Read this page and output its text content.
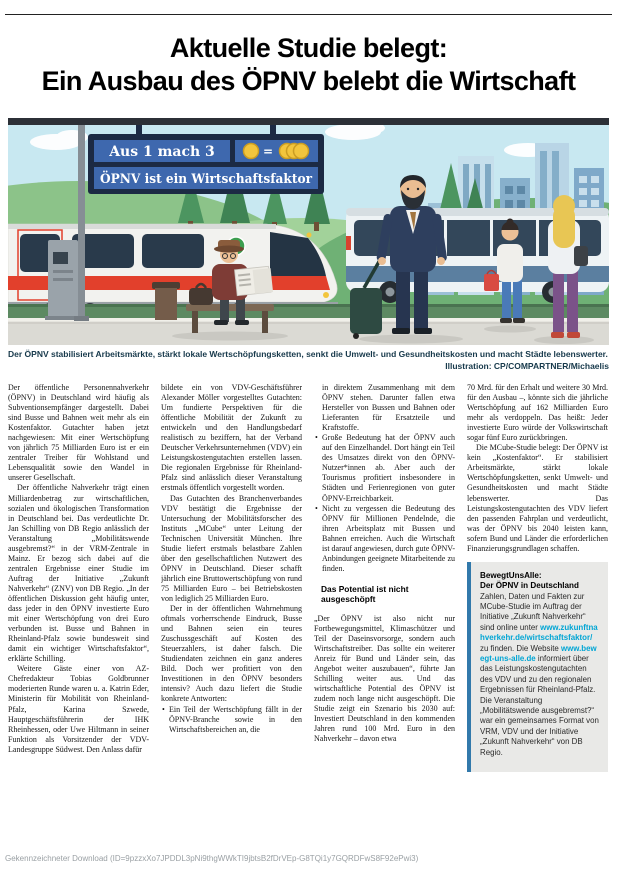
Aktuelle Studie belegt:
Ein Ausbau des ÖPNV belebt die Wirtschaft
Aus 1 mach 3	=
ÖPNV ist ein Wirtschaftsfaktor
Der ÖPNV stabilisiert Arbeitsmärkte, stärkt lokale Wertschöpfungsketten, senkt die Umwelt- und Gesundheitskosten und macht Städte lebenswerter.
Illustration: CP/COMPARTNER/Michaelis

Der öffentliche Personennahverkehr (ÖPNV) in Deutschland wird häufig als Subventionsempfänger dargestellt. Dabei sind Busse und Bahnen weit mehr als ein Kostenfaktor. Gutachter haben jetzt nachgewiesen: Mit einer Wertschöpfung von jährlich 75 Milliarden Euro ist er ein zentraler Treiber für Wohlstand und Lebensqualität sowie den Wandel in unserer Gesellschaft.

Der öffentliche Nahverkehr trägt einen Milliardenbetrag zur wirtschaftlichen, sozialen und ökologischen Transformation in Deutschland bei. Das verdeutlichte Dr. Jan Schilling von DB Regio anlässlich der Veranstaltung „Mobilitätswende ausgebremst?“ in der VRM-Zentrale in Mainz. Er bezog sich dabei auf die zentralen Ergebnisse einer Studie im Auftrag der Initiative „Zukunft Nahverkehr“ (ZNV) von DB Regio. „In der öffentlichen Diskussion geht häufig unter, dass jeder in den ÖPNV investierte Euro mit einer Wertschöpfung von drei Euro verbunden ist. Busse und Bahnen in Rheinland-Pfalz sowie bundesweit sind damit ein wichtiger Wirtschaftsfaktor“, erklärte Schilling.

Weitere Gäste einer von AZ-Chefredakteur Tobias Goldbrunner moderierten Runde waren u. a. Katrin Eder, Ministerin für Mobilität von Rheinland-Pfalz, Karina Szwede, Hauptgeschäftsführerin der IHK Rheinhessen, oder Uwe Hiltmann in seiner Funktion als Vorsitzender der VDV-Landesgruppe Südwest. Den Anlass dafür

bildete ein von VDV-Geschäftsführer Alexander Möller vorgestelltes Gutachten: Um fundierte Perspektiven für die öffentliche Mobilität der Zukunft zu entwickeln und den Handlungsbedarf realistisch zu beziffern, hat der Verband Deutscher Verkehrsunternehmen (VDV) ein Leistungskostengutachten erstellen lassen. Die regionalen Ergebnisse für Rheinland-Pfalz sind anlässlich dieser Veranstaltung erstmals öffentlich vorgestellt worden.

Das Gutachten des Branchenverbandes VDV bestätigt die Ergebnisse der Untersuchung der Mobilitätsforscher des Instituts „MCube“ unter Leitung der Technischen Universität München. Ihre Studie liefert erstmals belastbare Zahlen über den gesellschaftlichen Nutzwert des ÖPNV in Deutschland. Dieser schafft jährlich eine Bruttowertschöpfung von rund 75 Milliarden Euro – bei Betriebskosten von lediglich 25 Milliarden Euro.

Der in der öffentlichen Wahrnehmung oftmals vorherrschende Eindruck, Busse und Bahnen seien ein teures Zuschussgeschäft auf Kosten des Steuerzahlers, ist daher falsch. Die Studiendaten zeichnen ein ganz anderes Bild. Doch wer profitiert von den Investitionen in den ÖPNV besonders intensiv? Auch dazu liefert die Studie konkrete Antworten:

• Ein Teil der Wertschöpfung fällt in der ÖPNV-Branche sowie in den Wirtschaftsbereichen an, die

in direktem Zusammenhang mit dem ÖPNV stehen. Darunter fallen etwa Hersteller von Bussen und Bahnen oder Lieferanten für Ersatzteile und Kraftstoffe.

• Große Bedeutung hat der ÖPNV auch auf den Einzelhandel. Dort hängt ein Teil des Umsatzes direkt von den ÖPNV-Nutzer*innen ab. Aber auch der Tourismus profitiert insbesondere in Städten und Ferienregionen von guter ÖPNV-Erreichbarkeit.

• Nicht zu vergessen die Bedeutung des ÖPNV für Millionen Pendelnde, die ihren Arbeitsplatz mit Bussen und Bahnen erreichen. Auch die Wirtschaft ist darauf angewiesen, durch gute ÖPNV-Anbindungen geeignete Mitarbeitende zu finden.

Das Potential ist nicht ausgeschöpft

„Der ÖPNV ist also nicht nur Fortbewegungsmittel, Klimaschützer und Teil der Daseinsvorsorge, sondern auch Wirtschaftstreiber. Das sollte ein weiterer Anreiz für Bund und Länder sein, das Angebot weiter auszubauen“, führte Jan Schilling weiter aus. Und das wirtschaftliche Potential des ÖPNV ist zudem noch lange nicht ausgeschöpft. Die Studie zeigt ein Szenario bis 2030 auf: Investiert Deutschland in den kommenden Jahren rund 100 Mrd. Euro in den Nahverkehr – davon etwa

70 Mrd. für den Erhalt und weitere 30 Mrd. für den Ausbau –, könnte sich die jährliche Wertschöpfung auf 162 Milliarden Euro mehr als verdoppeln. Das heißt: Jeder investierte Euro würde der Volkswirtschaft sogar fünf Euro zurückbringen.

Die MCube-Studie belegt: Der ÖPNV ist kein „Kostenfaktor“. Er stabilisiert Arbeitsmärkte, stärkt lokale Wertschöpfungsketten, senkt Umwelt- und Gesundheitskosten und macht Städte lebenswerter. Das Leistungskostengutachten des VDV liefert den passenden Fahrplan und verdeutlicht, was der ÖPNV bis 2040 leisten kann, sofern Bund und Länder die erforderlichen Finanzierungsgrundlagen schaffen.

BewegtUnsAlle:

Der ÖPNV in Deutschland

Zahlen, Daten und Fakten zur MCube-Studie im Auftrag der Initiative „Zukunft Nahverkehr“ sind online unter www.zukunftnahverkehr.de/wirtschaftsfaktor/ zu finden. Die Website www.bewegt-uns-alle.de informiert über das Leistungskostengutachten des VDV und zu den regionalen Ergebnissen für Rheinland-Pfalz.

Die Veranstaltung „Mobilitätswende ausgebremst?“ war ein gemeinsames Format von VRM, VDV und der Initiative „Zukunft Nahverkehr“ von DB Regio.

Gekennzeichneter Download (ID=9pzzxXo7JPDDL3pNi9thgWWkTI9jbtsB2fDrVEp-G8TQi1y7GQRDFwS8F92ePwi3)
